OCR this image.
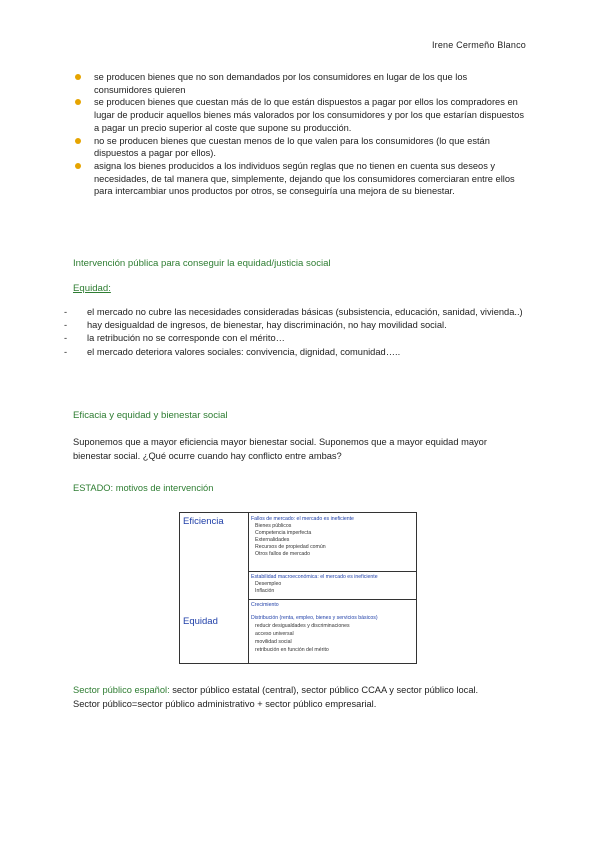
Irene Cermeño Blanco
se producen bienes que no son demandados por los consumidores en lugar de los que los consumidores quieren
se producen bienes que cuestan más de lo que están dispuestos a pagar por ellos los compradores en lugar de producir aquellos bienes más valorados por los consumidores y por los que estarían dispuestos a pagar un precio superior al coste que supone su producción.
no se producen bienes que cuestan menos de lo que valen para los consumidores (lo que están dispuestos a pagar por ellos).
asigna los bienes producidos a los individuos según reglas que no tienen en cuenta sus deseos y necesidades, de tal manera que, simplemente, dejando que los consumidores comerciaran entre ellos para intercambiar unos productos por otros, se conseguiría una mejora de su bienestar.
Intervención pública para conseguir la equidad/justicia social
Equidad:
- el mercado no cubre las necesidades consideradas básicas (subsistencia, educación, sanidad, vivienda..)
- hay desigualdad de ingresos, de bienestar, hay discriminación, no hay movilidad social.
- la retribución no se corresponde con el mérito…
- el mercado deteriora valores sociales: convivencia, dignidad, comunidad…..
Eficacia y equidad y bienestar social
Suponemos que a mayor eficiencia mayor bienestar social. Suponemos que a mayor equidad mayor bienestar social. ¿Qué ocurre cuando hay conflicto entre ambas?
ESTADO: motivos de intervención
Eficiencia
Equidad
Fallos de mercado: el mercado es ineficiente
Bienes públicos
Competencia imperfecta
Externalidades
Recursos de propiedad común
Otros fallos de mercado
Estabilidad macroeconómica: el mercado es ineficiente
Desempleo
Inflación
Crecimiento
Distribución (renta, empleo, bienes y servicios básicos)
reducir desigualdades y discriminaciones
acceso universal
movilidad social
retribución en función del mérito
Sector público español: sector público estatal (central), sector público CCAA y sector público local.
Sector público=sector público administrativo + sector público empresarial.
